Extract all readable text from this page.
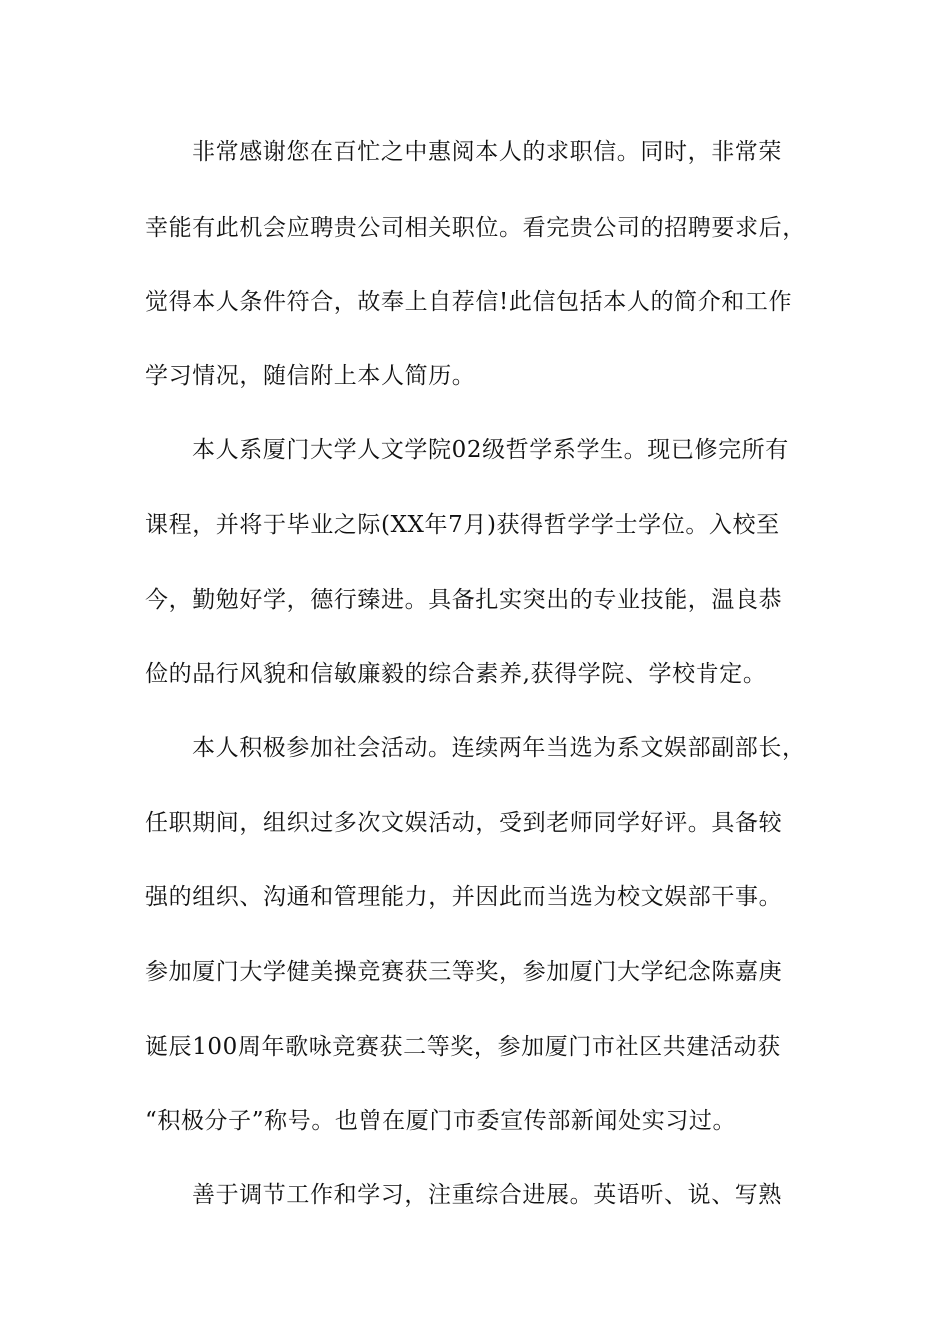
非常感谢您在百忙之中惠阅本人的求职信。同时，非常荣
幸能有此机会应聘贵公司相关职位。看完贵公司的招聘要求后，
觉得本人条件符合，故奉上自荐信!此信包括本人的简介和工作
学习情况，随信附上本人简历。
本人系厦门大学人文学院02级哲学系学生。现已修完所有
课程，并将于毕业之际(XX年7月)获得哲学学士学位。入校至
今，勤勉好学，德行臻进。具备扎实突出的专业技能，温良恭
俭的品行风貌和信敏廉毅的综合素养,获得学院、学校肯定。
本人积极参加社会活动。连续两年当选为系文娱部副部长，
任职期间，组织过多次文娱活动，受到老师同学好评。具备较
强的组织、沟通和管理能力，并因此而当选为校文娱部干事。
参加厦门大学健美操竞赛获三等奖，参加厦门大学纪念陈嘉庚
诞辰100周年歌咏竞赛获二等奖，参加厦门市社区共建活动获
“积极分子”称号。也曾在厦门市委宣传部新闻处实习过。
善于调节工作和学习，注重综合进展。英语听、说、写熟
